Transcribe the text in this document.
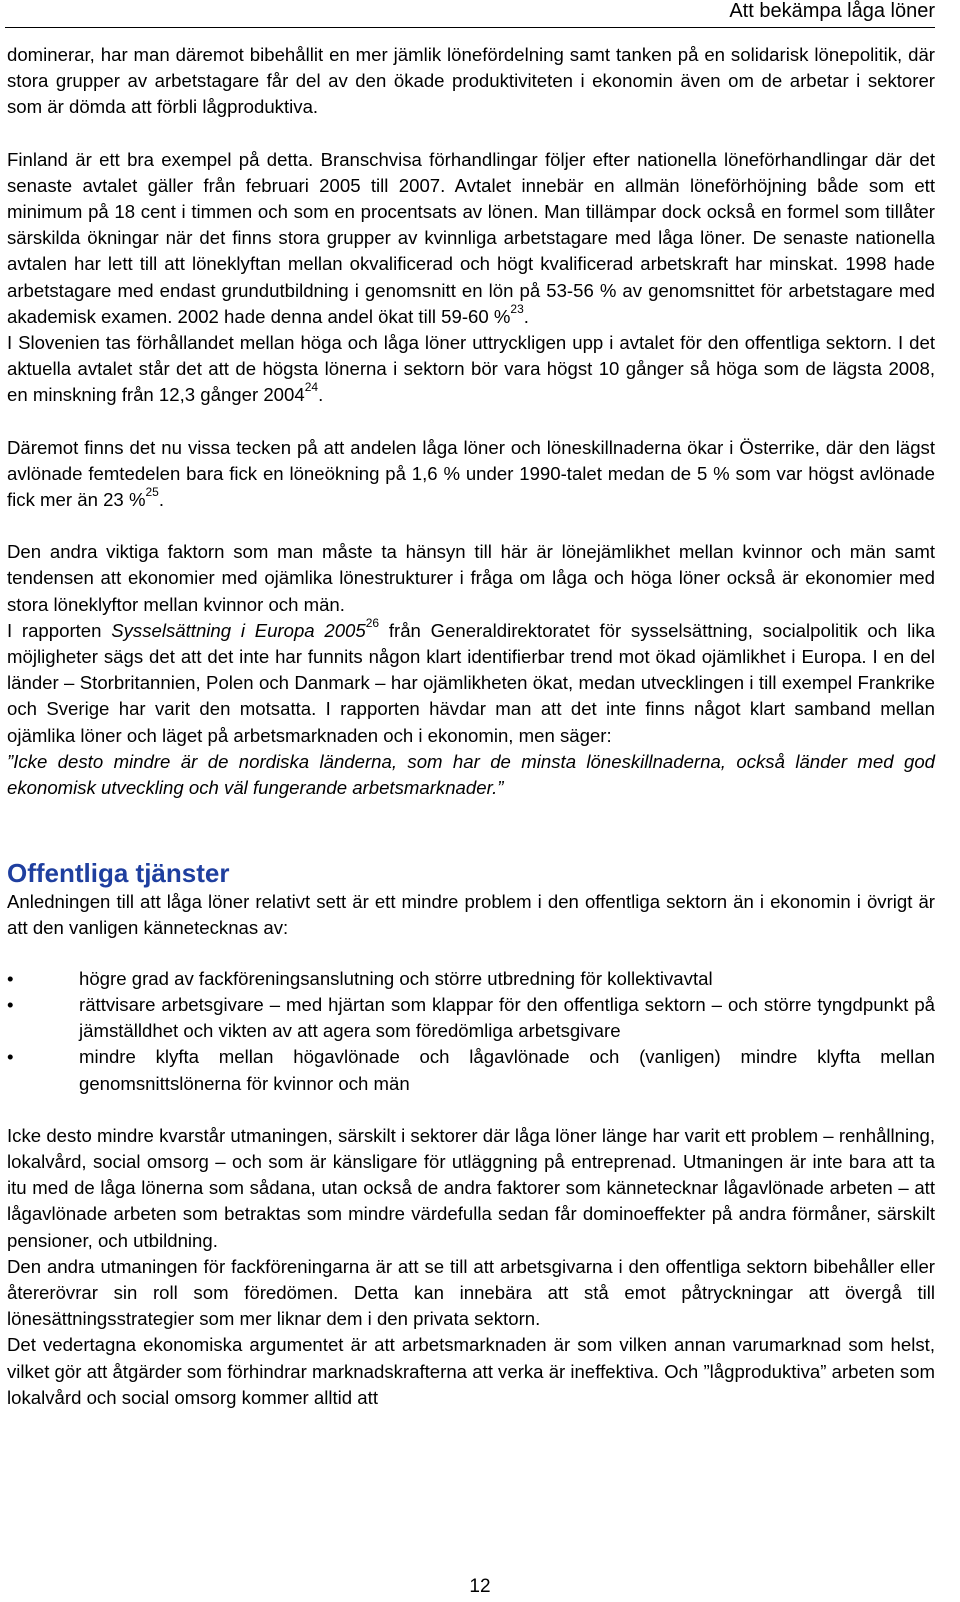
Att bekämpa låga löner

dominerar, har man däremot bibehållit en mer jämlik lönefördelning samt tanken på en solidarisk lönepolitik, där stora grupper av arbetstagare får del av den ökade produktiviteten i ekonomin även om de arbetar i sektorer som är dömda att förbli lågproduktiva.

Finland är ett bra exempel på detta. Branschvisa förhandlingar följer efter nationella löneförhandlingar där det senaste avtalet gäller från februari 2005 till 2007. Avtalet innebär en allmän löneförhöjning både som ett minimum på 18 cent i timmen och som en procentsats av lönen. Man tillämpar dock också en formel som tillåter särskilda ökningar när det finns stora grupper av kvinnliga arbetstagare med låga löner. De senaste nationella avtalen har lett till att löneklyftan mellan okvalificerad och högt kvalificerad arbetskraft har minskat. 1998 hade arbetstagare med endast grundutbildning i genomsnitt en lön på 53-56 % av genomsnittet för arbetstagare med akademisk examen. 2002 hade denna andel ökat till 59-60 %$^{23}$.

I Slovenien tas förhållandet mellan höga och låga löner uttryckligen upp i avtalet för den offentliga sektorn. I det aktuella avtalet står det att de högsta lönerna i sektorn bör vara högst 10 gånger så höga som de lägsta 2008, en minskning från 12,3 gånger 2004$^{24}$.

Däremot finns det nu vissa tecken på att andelen låga löner och löneskillnaderna ökar i Österrike, där den lägst avlönade femtedelen bara fick en löneökning på 1,6 % under 1990-talet medan de 5 % som var högst avlönade fick mer än 23 %$^{25}$.

Den andra viktiga faktorn som man måste ta hänsyn till här är lönejämlikhet mellan kvinnor och män samt tendensen att ekonomier med ojämlika lönestrukturer i fråga om låga och höga löner också är ekonomier med stora löneklyftor mellan kvinnor och män.

I rapporten Sysselsättning i Europa 2005$^{26}$ från Generaldirektoratet för sysselsättning, socialpolitik och lika möjligheter sägs det att det inte har funnits någon klart identifierbar trend mot ökad ojämlikhet i Europa. I en del länder – Storbritannien, Polen och Danmark – har ojämlikheten ökat, medan utvecklingen i till exempel Frankrike och Sverige har varit den motsatta. I rapporten hävdar man att det inte finns något klart samband mellan ojämlika löner och läget på arbetsmarknaden och i ekonomin, men säger:

”Icke desto mindre är de nordiska länderna, som har de minsta löneskillnaderna, också länder med god ekonomisk utveckling och väl fungerande arbetsmarknader.”

Offentliga tjänster

Anledningen till att låga löner relativt sett är ett mindre problem i den offentliga sektorn än i ekonomin i övrigt är att den vanligen kännetecknas av:

•	högre grad av fackföreningsanslutning och större utbredning för kollektivavtal
•	rättvisare arbetsgivare – med hjärtan som klappar för den offentliga sektorn – och större tyngdpunkt på jämställdhet och vikten av att agera som föredömliga arbetsgivare
•	mindre klyfta mellan högavlönade och lågavlönade och (vanligen) mindre klyfta mellan genomsnittslönerna för kvinnor och män

Icke desto mindre kvarstår utmaningen, särskilt i sektorer där låga löner länge har varit ett problem – renhållning, lokalvård, social omsorg – och som är känsligare för utläggning på entreprenad. Utmaningen är inte bara att ta itu med de låga lönerna som sådana, utan också de andra faktorer som kännetecknar lågavlönade arbeten – att lågavlönade arbeten som betraktas som mindre värdefulla sedan får dominoeffekter på andra förmåner, särskilt pensioner, och utbildning.

Den andra utmaningen för fackföreningarna är att se till att arbetsgivarna i den offentliga sektorn bibehåller eller återerövrar sin roll som föredömen. Detta kan innebära att stå emot påtryckningar att övergå till lönesättningsstrategier som mer liknar dem i den privata sektorn.

Det vedertagna ekonomiska argumentet är att arbetsmarknaden är som vilken annan varumarknad som helst, vilket gör att åtgärder som förhindrar marknadskrafterna att verka är ineffektiva. Och ”lågproduktiva” arbeten som lokalvård och social omsorg kommer alltid att

12
